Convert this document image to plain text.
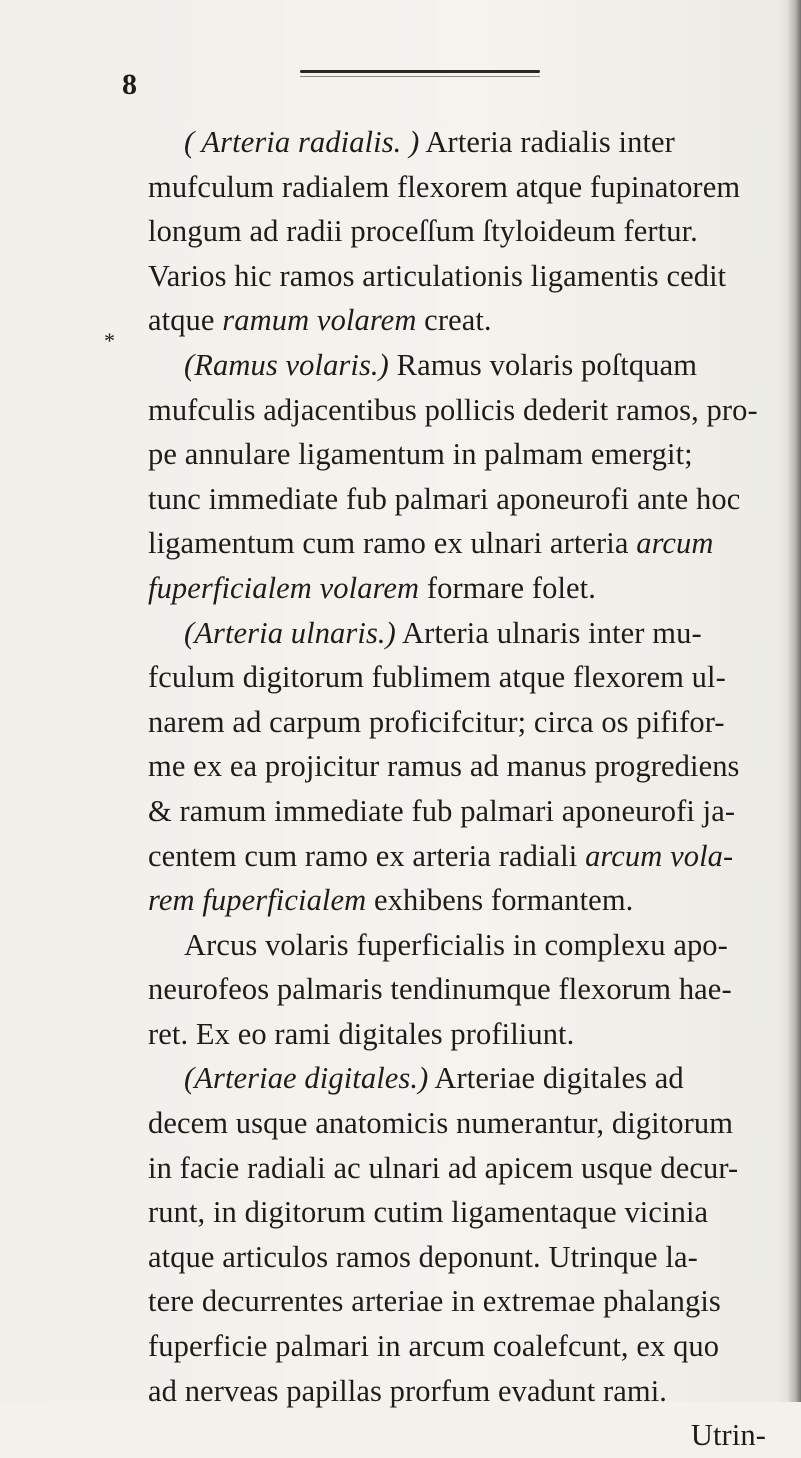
8
*
( Arteria radialis. ) Arteria radialis inter
mufculum radialem flexorem atque fupinatorem
longum ad radii proceſſum ſtyloideum fertur.
Varios hic ramos articulationis ligamentis cedit
atque ramum volarem creat.
(Ramus volaris.) Ramus volaris poſtquam
mufculis adjacentibus pollicis dederit ramos, pro-
pe annulare ligamentum in palmam emergit;
tunc immediate fub palmari aponeurofi ante hoc
ligamentum cum ramo ex ulnari arteria arcum
fuperficialem volarem formare folet.
(Arteria ulnaris.) Arteria ulnaris inter mu-
fculum digitorum fublimem atque flexorem ul-
narem ad carpum proficifcitur; circa os pififor-
me ex ea projicitur ramus ad manus progrediens
& ramum immediate fub palmari aponeurofi ja-
centem cum ramo ex arteria radiali arcum vola-
rem fuperficialem exhibens formantem.
Arcus volaris fuperficialis in complexu apo-
neurofeos palmaris tendinumque flexorum hae-
ret. Ex eo rami digitales profiliunt.
(Arteriae digitales.) Arteriae digitales ad
decem usque anatomicis numerantur, digitorum
in facie radiali ac ulnari ad apicem usque decur-
runt, in digitorum cutim ligamentaque vicinia
atque articulos ramos deponunt. Utrinque la-
tere decurrentes arteriae in extremae phalangis
fuperficie palmari in arcum coalefcunt, ex quo
ad nerveas papillas prorfum evadunt rami.
Utrin-
